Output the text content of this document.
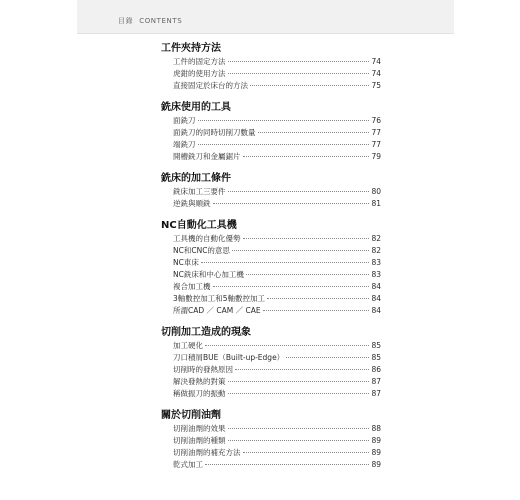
目錄 CONTENTS
工件夾持方法
工件的固定方法	74
虎鉗的使用方法	74
直接固定於床台的方法	75
銑床使用的工具
面銑刀	76
面銑刀的同時切削刀數量	77
端銑刀	77
開槽銑刀和金屬鋸片	79
銑床的加工條件
銑床加工三要件	80
逆銑與順銑	81
NC自動化工具機
工具機的自動化優勢	82
NC和CNC的意思	82
NC車床	83
NC銑床和中心加工機	83
複合加工機	84
3軸數控加工和5軸數控加工	84
所謂CAD ／ CAM ／ CAE	84
切削加工造成的現象
加工硬化	85
刀口積屑BUE（Built-up-Edge）	85
切削時的發熱原因	86
解決發熱的對策	87
稱做振刀的振動	87
關於切削油劑
切削油劑的效果	88
切削油劑的種類	89
切削油劑的補充方法	89
乾式加工	89
